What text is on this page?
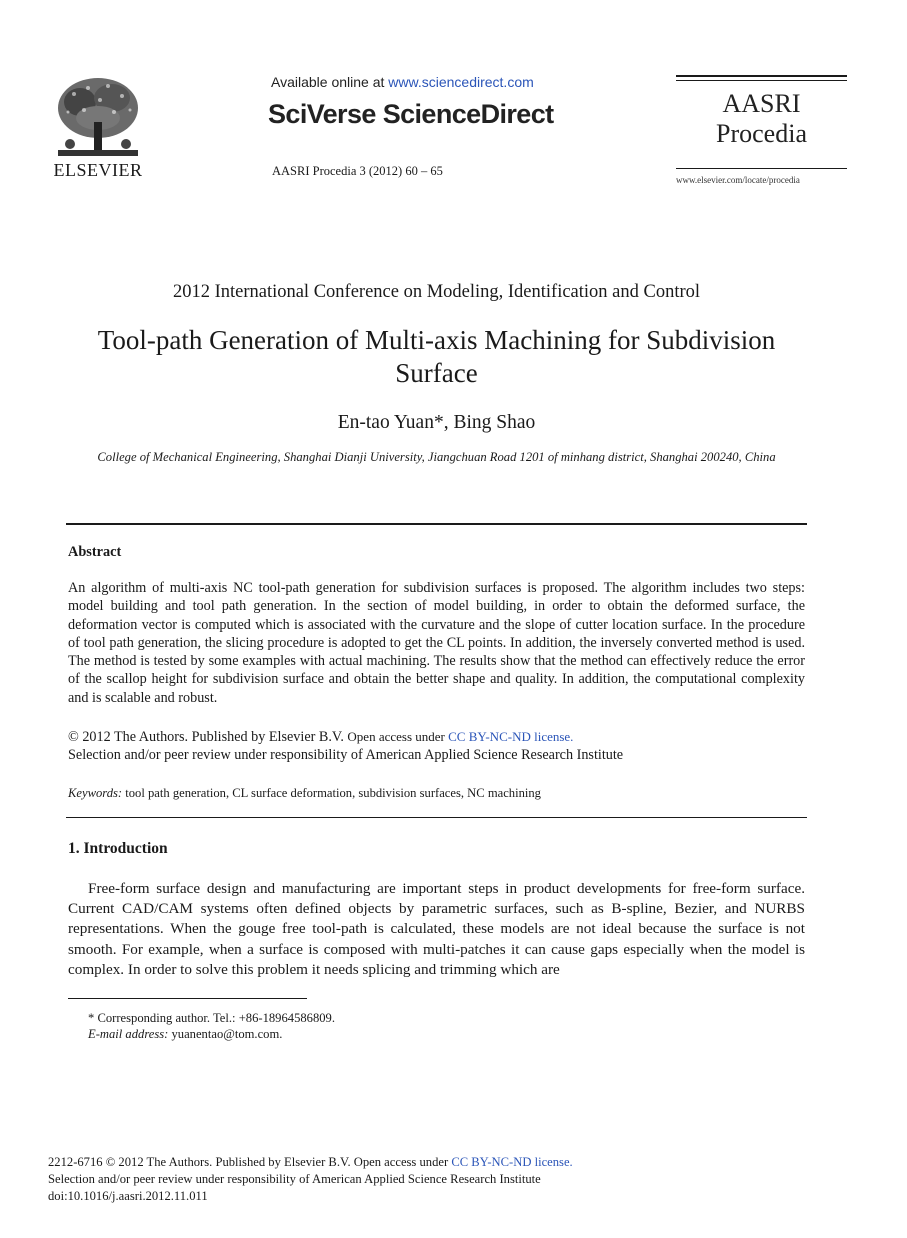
ELSEVIER
Available online at www.sciencedirect.com
SciVerse ScienceDirect
AASRI Procedia 3 (2012) 60 – 65
AASRI
Procedia
www.elsevier.com/locate/procedia
2012 International Conference on Modeling, Identification and Control
Tool-path Generation of Multi-axis Machining for Subdivision
Surface
En-tao Yuan*, Bing Shao
College of Mechanical Engineering, Shanghai Dianji University, Jiangchuan Road 1201 of minhang district, Shanghai 200240, China
Abstract
An algorithm of multi-axis NC tool-path generation for subdivision surfaces is proposed. The algorithm includes two steps: model building and tool path generation. In the section of model building, in order to obtain the deformed surface, the deformation vector is computed which is associated with the curvature and the slope of cutter location surface. In the procedure of tool path generation, the slicing procedure is adopted to get the CL points. In addition, the inversely converted method is used. The method is tested by some examples with actual machining. The results show that the method can effectively reduce the error of the scallop height for subdivision surface and obtain the better shape and quality. In addition, the computational complexity and is scalable and robust.
© 2012 The Authors. Published by Elsevier B.V. Open access under CC BY-NC-ND license.
Selection and/or peer review under responsibility of American Applied Science Research Institute
Keywords: tool path generation, CL surface deformation, subdivision surfaces, NC machining
1. Introduction
Free-form surface design and manufacturing are important steps in product developments for free-form surface. Current CAD/CAM systems often defined objects by parametric surfaces, such as B-spline, Bezier, and NURBS representations. When the gouge free tool-path is calculated, these models are not ideal because the surface is not smooth. For example, when a surface is composed with multi-patches it can cause gaps especially when the model is complex. In order to solve this problem it needs splicing and trimming which are
* Corresponding author. Tel.: +86-18964586809.
E-mail address: yuanentao@tom.com.
2212-6716 © 2012 The Authors. Published by Elsevier B.V. Open access under CC BY-NC-ND license.
Selection and/or peer review under responsibility of American Applied Science Research Institute
doi:10.1016/j.aasri.2012.11.011
